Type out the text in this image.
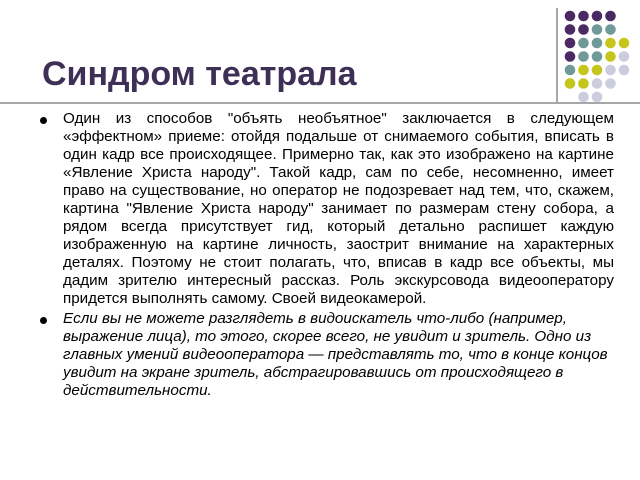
Синдром театрала
Один из способов "объять необъятное" заключается в следующем «эффектном» приеме: отойдя подальше от снимаемого события, вписать в один кадр все происходящее. Примерно так, как это изображено на картине «Явление Христа народу". Такой кадр, сам по себе, несомненно, имеет право на существование, но оператор не подозревает над тем, что, скажем, картина "Явление Христа народу" занимает по размерам стену собора, а рядом всегда присутствует гид, который детально распишет каждую изображенную на картине личность, заострит внимание на характерных деталях. Поэтому не стоит полагать, что, вписав в кадр все объекты, мы дадим зрителю интересный рассказ. Роль экскурсовода видеооператору придется выполнять самому. Своей видеокамерой.
Если вы не можете разглядеть в видоискатель что-либо (например, выражение лица), то этого, скорее всего, не увидит и зритель. Одно из главных умений видеооператора — представлять то, что в конце концов увидит на экране зритель, абстрагировавшись от происходящего в действительности.
